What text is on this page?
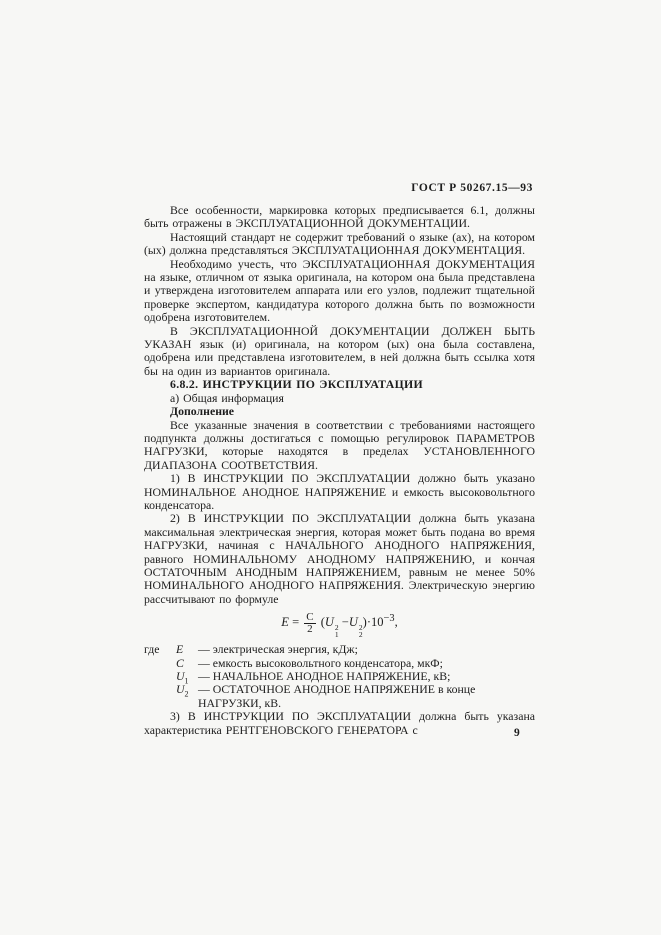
ГОСТ Р 50267.15—93

Все особенности, маркировка которых предписывается 6.1, должны быть отражены в ЭКСПЛУАТАЦИОННОЙ ДОКУМЕНТАЦИИ.

Настоящий стандарт не содержит требований о языке (ах), на котором (ых) должна представляться ЭКСПЛУАТАЦИОННАЯ ДОКУМЕНТАЦИЯ.

Необходимо учесть, что ЭКСПЛУАТАЦИОННАЯ ДОКУМЕНТАЦИЯ на языке, отличном от языка оригинала, на котором она была представлена и утверждена изготовителем аппарата или его узлов, подлежит тщательной проверке экспертом, кандидатура которого должна быть по возможности одобрена изготовителем.

В ЭКСПЛУАТАЦИОННОЙ ДОКУМЕНТАЦИИ ДОЛЖЕН БЫТЬ УКАЗАН язык (и) оригинала, на котором (ых) она была составлена, одобрена или представлена изготовителем, в ней должна быть ссылка хотя бы на один из вариантов оригинала.

6.8.2. ИНСТРУКЦИИ ПО ЭКСПЛУАТАЦИИ

а) Общая информация

Дополнение

Все указанные значения в соответствии с требованиями настоящего подпункта должны достигаться с помощью регулировок ПАРАМЕТРОВ НАГРУЗКИ, которые находятся в пределах УСТАНОВЛЕННОГО ДИАПАЗОНА СООТВЕТСТВИЯ.

1) В ИНСТРУКЦИИ ПО ЭКСПЛУАТАЦИИ должно быть указано НОМИНАЛЬНОЕ АНОДНОЕ НАПРЯЖЕНИЕ и емкость высоковольтного конденсатора.

2) В ИНСТРУКЦИИ ПО ЭКСПЛУАТАЦИИ должна быть указана максимальная электрическая энергия, которая может быть подана во время НАГРУЗКИ, начиная с НАЧАЛЬНОГО АНОДНОГО НАПРЯЖЕНИЯ, равного НОМИНАЛЬНОМУ АНОДНОМУ НАПРЯЖЕНИЮ, и кончая ОСТАТОЧНЫМ АНОДНЫМ НАПРЯЖЕНИЕМ, равным не менее 50% НОМИНАЛЬНОГО АНОДНОГО НАПРЯЖЕНИЯ. Электрическую энергию рассчитывают по формуле

$E = \frac{C}{2} (U$ 2
1
−U 2
2
)$\cdot 10^{-3}$,
где	E	— электрическая энергия, кДж;
C	— емкость высоковольтного конденсатора, мкФ;
$U_1$ — НАЧАЛЬНОЕ АНОДНОЕ НАПРЯЖЕНИЕ, кВ;
$U_2$ — ОСТАТОЧНОЕ АНОДНОЕ НАПРЯЖЕНИЕ в конце НАГРУЗКИ, кВ.

3) В ИНСТРУКЦИИ ПО ЭКСПЛУАТАЦИИ должна быть указана характеристика РЕНТГЕНОВСКОГО ГЕНЕРАТОРА с	9
